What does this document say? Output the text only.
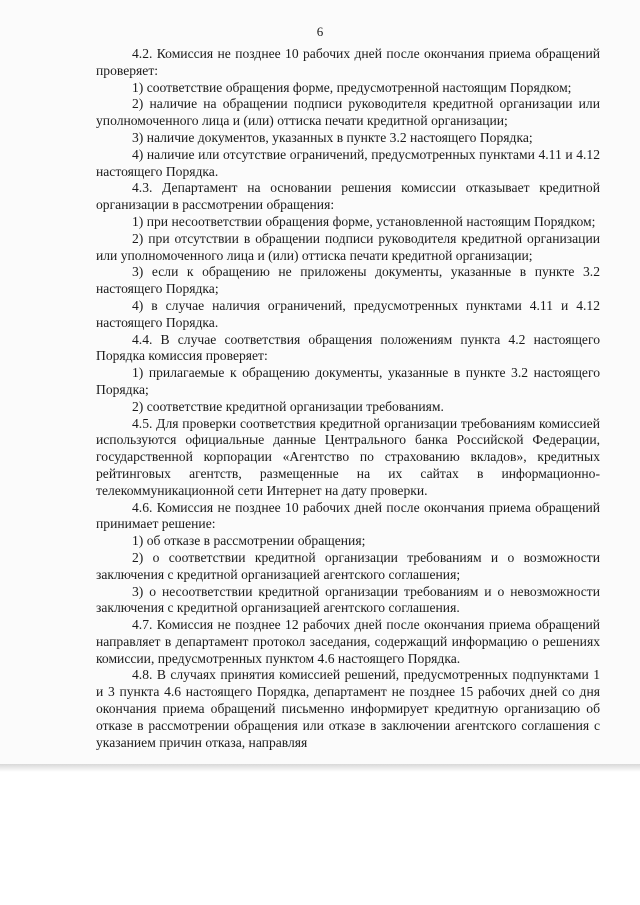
6

4.2. Комиссия не позднее 10 рабочих дней после окончания приема обращений проверяет:

1) соответствие обращения форме, предусмотренной настоящим Порядком;

2) наличие на обращении подписи руководителя кредитной организации или уполномоченного лица и (или) оттиска печати кредитной организации;

3) наличие документов, указанных в пункте 3.2 настоящего Порядка;

4) наличие или отсутствие ограничений, предусмотренных пунктами 4.11 и 4.12 настоящего Порядка.

4.3. Департамент на основании решения комиссии отказывает кредитной организации в рассмотрении обращения:

1) при несоответствии обращения форме, установленной настоящим Порядком;

2) при отсутствии в обращении подписи руководителя кредитной организации или уполномоченного лица и (или) оттиска печати кредитной организации;

3) если к обращению не приложены документы, указанные в пункте 3.2 настоящего Порядка;

4) в случае наличия ограничений, предусмотренных пунктами 4.11 и 4.12 настоящего Порядка.

4.4. В случае соответствия обращения положениям пункта 4.2 настоящего Порядка комиссия проверяет:

1) прилагаемые к обращению документы, указанные в пункте 3.2 настоящего Порядка;

2) соответствие кредитной организации требованиям.

4.5. Для проверки соответствия кредитной организации требованиям комиссией используются официальные данные Центрального банка Российской Федерации, государственной корпорации «Агентство по страхованию вкладов», кредитных рейтинговых агентств, размещенные на их сайтах в информационно-телекоммуникационной сети Интернет на дату проверки.

4.6. Комиссия не позднее 10 рабочих дней после окончания приема обращений принимает решение:

1) об отказе в рассмотрении обращения;

2) о соответствии кредитной организации требованиям и о возможности заключения с кредитной организацией агентского соглашения;

3) о несоответствии кредитной организации требованиям и о невозможности заключения с кредитной организацией агентского соглашения.

4.7. Комиссия не позднее 12 рабочих дней после окончания приема обращений направляет в департамент протокол заседания, содержащий информацию о решениях комиссии, предусмотренных пунктом 4.6 настоящего Порядка.

4.8. В случаях принятия комиссией решений, предусмотренных подпунктами 1 и 3 пункта 4.6 настоящего Порядка, департамент не позднее 15 рабочих дней со дня окончания приема обращений письменно информирует кредитную организацию об отказе в рассмотрении обращения или отказе в заключении агентского соглашения с указанием причин отказа, направляя
